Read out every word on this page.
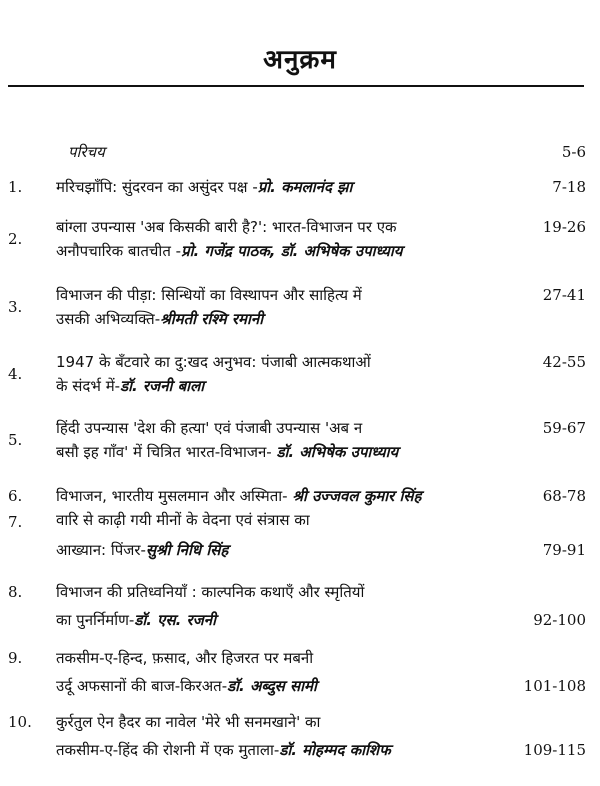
अनुक्रम
परिचय	5-6
1. मरिचझाँपि: सुंदरवन का असुंदर पक्ष -प्रो. कमलानंद झा	7-18
2.
बांग्ला उपन्यास 'अब किसकी बारी है?': भारत-विभाजन पर एक
अनौपचारिक बातचीत -प्रो. गजेंद्र पाठक, डॉ. अभिषेक उपाध्याय
19-26
3.
विभाजन की पीड़ा: सिन्धियों का विस्थापन और साहित्य में
उसकी अभिव्यक्ति-श्रीमती रश्मि रमानी
27-41
4.
1947 के बँटवारे का दु:खद अनुभव: पंजाबी आत्मकथाओं
के संदर्भ में-डॉ. रजनी बाला
42-55
5.
हिंदी उपन्यास 'देश की हत्या' एवं पंजाबी उपन्यास 'अब न
बसौ इह गाँव' में चित्रित भारत-विभाजन- डॉ. अभिषेक उपाध्याय
59-67
6. विभाजन, भारतीय मुसलमान और अस्मिता- श्री उज्जवल कुमार सिंह	68-78
7. वारि से काढ़ी गयी मीनों के वेदना एवं संत्रास का
आख्यान: पिंजर-सुश्री निधि सिंह	79-91
8. विभाजन की प्रतिध्वनियाँ : काल्पनिक कथाएँ और स्मृतियों
का पुनर्निर्माण-डॉ. एस. रजनी	92-100
9. तकसीम-ए-हिन्द, फ़साद, और हिजरत पर मबनी
उर्दू अफसानों की बाज-किरअत-डॉ. अब्दुस सामी	101-108
10. कुर्रतुल ऐन हैदर का नावेल 'मेरे भी सनमखाने' का
तकसीम-ए-हिंद की रोशनी में एक मुताला-डॉ. मोहम्मद काशिफ	109-115
